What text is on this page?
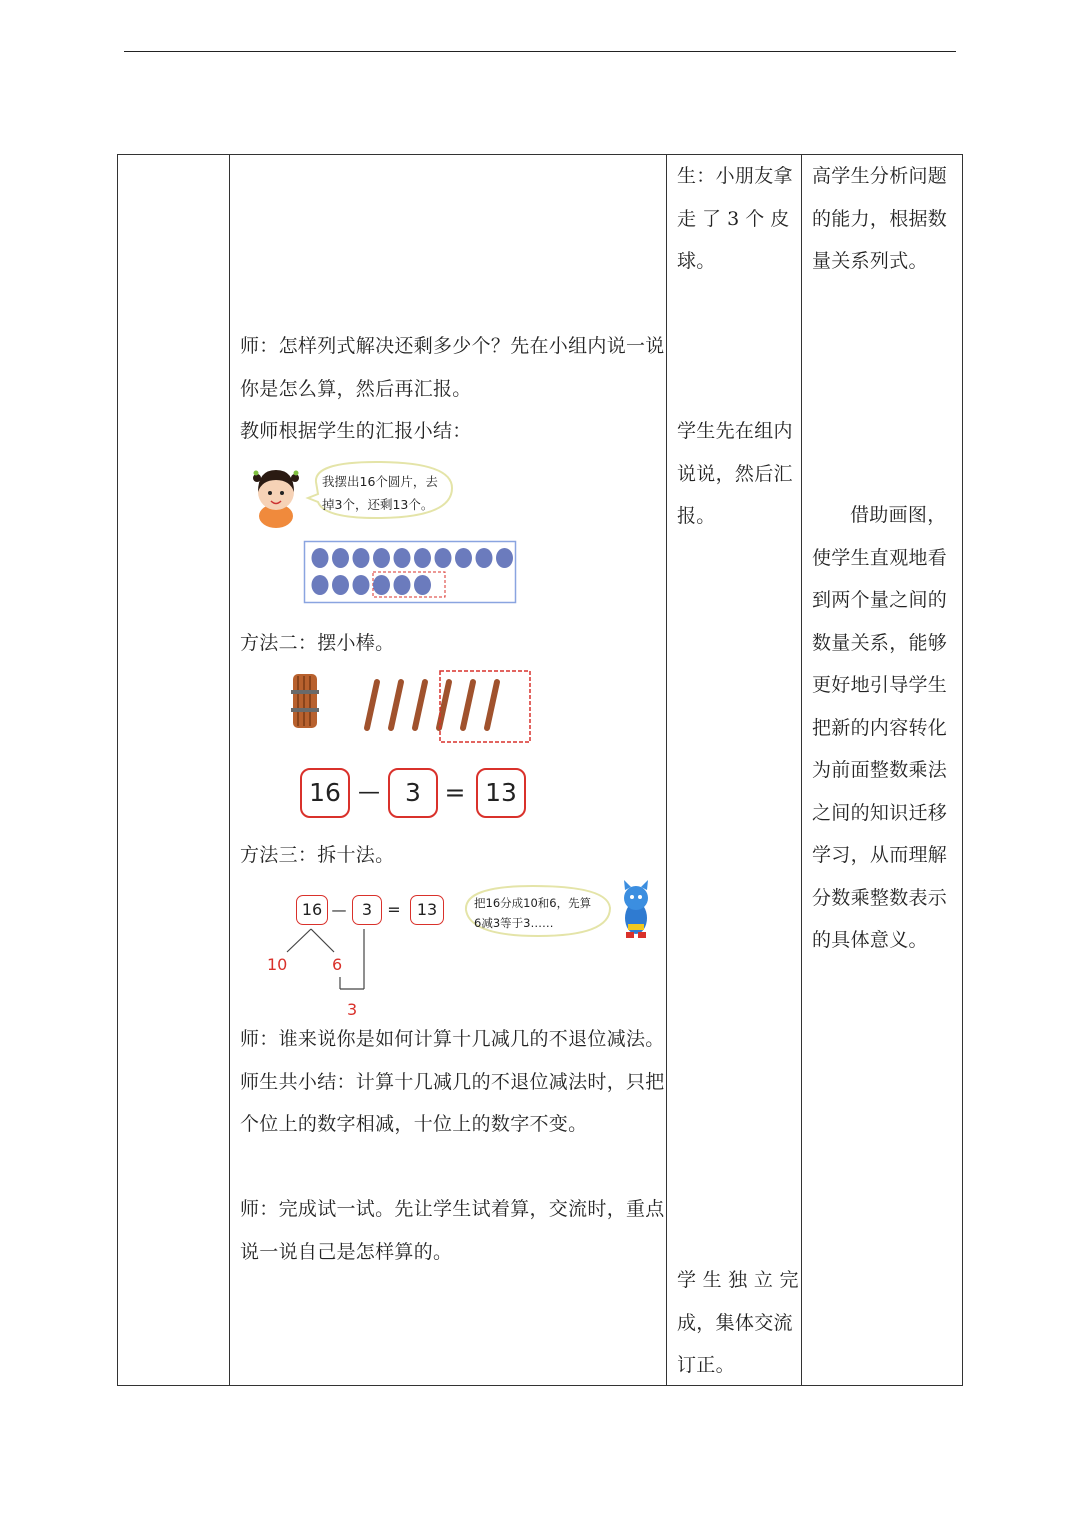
生：小朋友拿
走 了 3 个 皮
球。
学生先在组内
说说，然后汇
报。
学 生 独 立 完
成，集体交流
订正。
高学生分析问题
的能力，根据数
量关系列式。
借助画图，
使学生直观地看
到两个量之间的
数量关系，能够
更好地引导学生
把新的内容转化
为前面整数乘法
之间的知识迁移
学习，从而理解
分数乘整数表示
的具体意义。
师：怎样列式解决还剩多少个？先在小组内说一说
你是怎么算，然后再汇报。
教师根据学生的汇报小结：
我摆出16个圆片，去
掉3个，还剩13个。
方法二：摆小棒。
16 —	3 = 13
方法三：拆十法。
16 — 3 =	13
10	6
3
把16分成10和6，先算
6减3等于3……
师：谁来说你是如何计算十几减几的不退位减法。
师生共小结：计算十几减几的不退位减法时，只把
个位上的数字相减，十位上的数字不变。
师：完成试一试。先让学生试着算，交流时，重点
说一说自己是怎样算的。
